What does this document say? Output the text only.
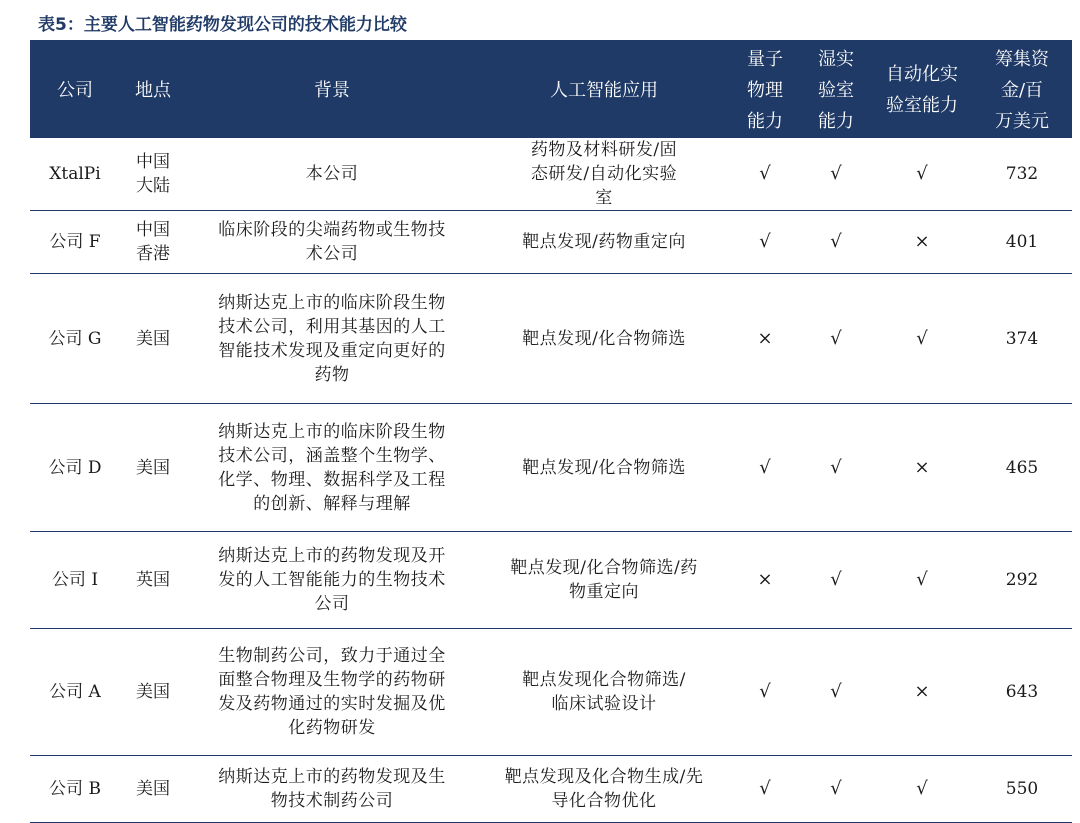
表5：主要人工智能药物发现公司的技术能力比较
公司	地点	背景	人工智能应用	量子物理能力	湿实验室能力	自动化实验室能力	筹集资金/百万美元
XtalPi	中国大陆	本公司	药物及材料研发/固态研发/自动化实验室	√	√	√	732
公司 F	中国香港	临床阶段的尖端药物或生物技术公司	靶点发现/药物重定向	√	√	×	401
公司 G	美国	纳斯达克上市的临床阶段生物技术公司，利用其基因的人工智能技术发现及重定向更好的药物	靶点发现/化合物筛选	×	√	√	374
公司 D	美国	纳斯达克上市的临床阶段生物技术公司，涵盖整个生物学、化学、物理、数据科学及工程的创新、解释与理解	靶点发现/化合物筛选	√	√	×	465
公司 I	英国	纳斯达克上市的药物发现及开发的人工智能能力的生物技术公司	靶点发现/化合物筛选/药物重定向	×	√	√	292
公司 A	美国	生物制药公司，致力于通过全面整合物理及生物学的药物研发及药物通过的实时发掘及优化药物研发	靶点发现化合物筛选/临床试验设计	√	√	×	643
公司 B	美国	纳斯达克上市的药物发现及生物技术制药公司	靶点发现及化合物生成/先导化合物优化	√	√	√	550
